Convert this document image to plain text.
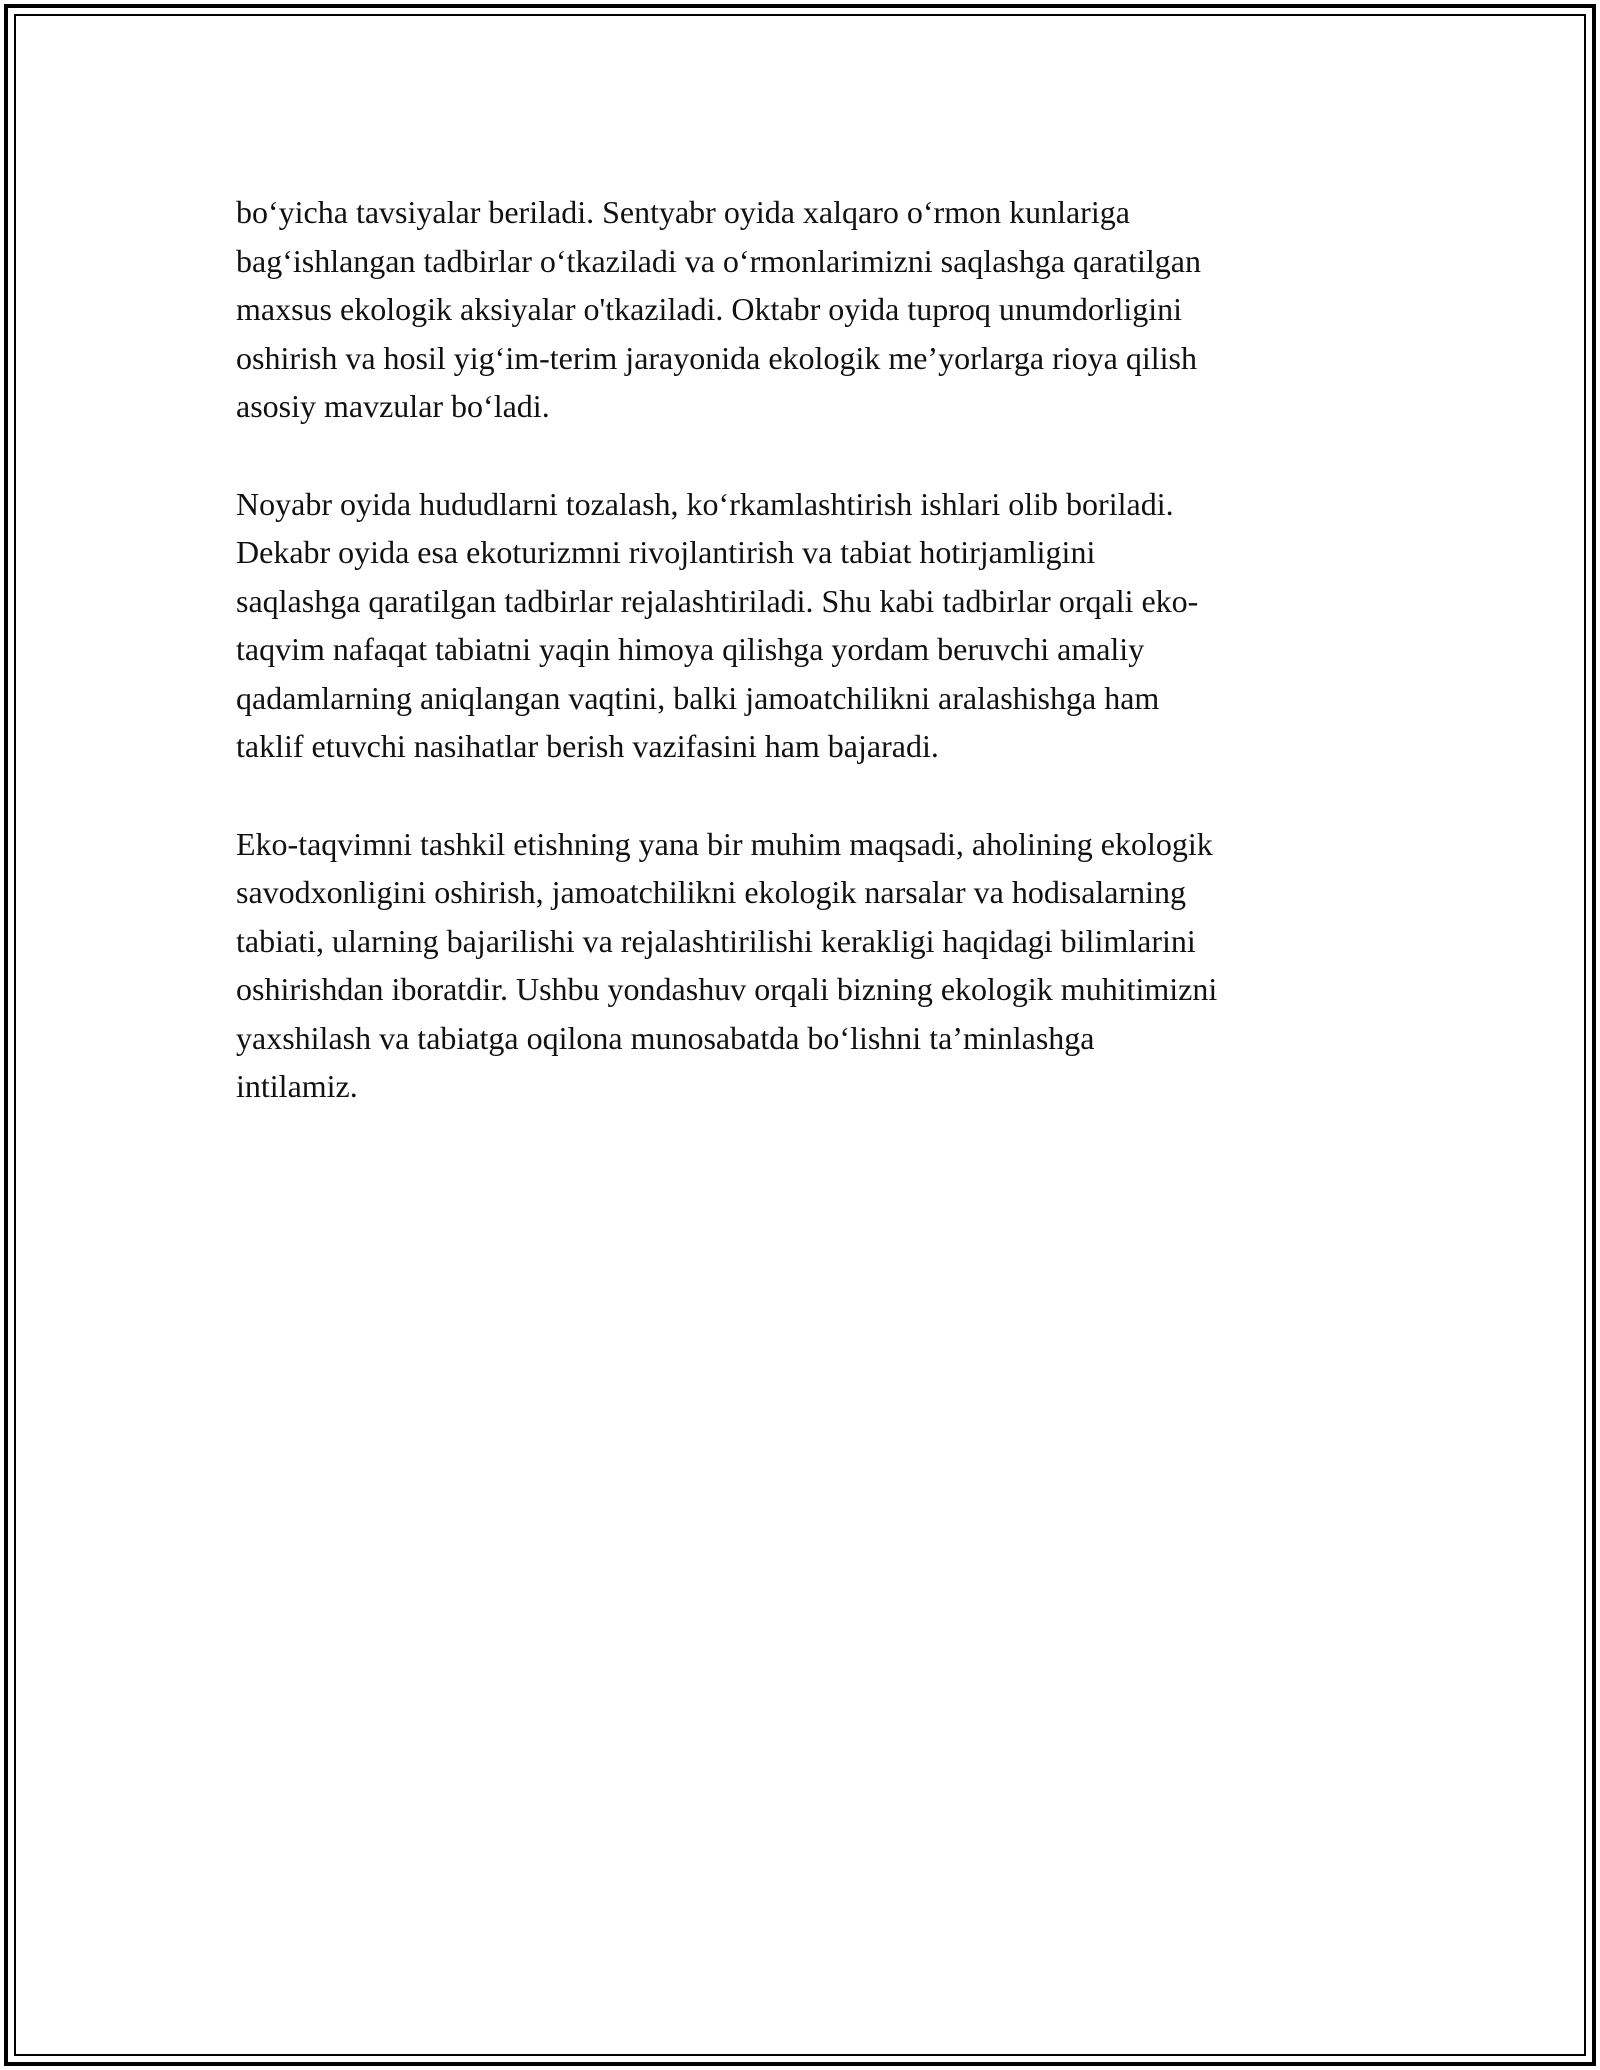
bo‘yicha tavsiyalar beriladi. Sentyabr oyida xalqaro o‘rmon kunlariga
bag‘ishlangan tadbirlar o‘tkaziladi va o‘rmonlarimizni saqlashga qaratilgan
maxsus ekologik aksiyalar o'tkaziladi. Oktabr oyida tuproq unumdorligini
oshirish va hosil yig‘im-terim jarayonida ekologik me’yorlarga rioya qilish
asosiy mavzular bo‘ladi.

Noyabr oyida hududlarni tozalash, ko‘rkamlashtirish ishlari olib boriladi.
Dekabr oyida esa ekoturizmni rivojlantirish va tabiat hotirjamligini
saqlashga qaratilgan tadbirlar rejalashtiriladi. Shu kabi tadbirlar orqali eko-
taqvim nafaqat tabiatni yaqin himoya qilishga yordam beruvchi amaliy
qadamlarning aniqlangan vaqtini, balki jamoatchilikni aralashishga ham
taklif etuvchi nasihatlar berish vazifasini ham bajaradi.

Eko-taqvimni tashkil etishning yana bir muhim maqsadi, aholining ekologik
savodxonligini oshirish, jamoatchilikni ekologik narsalar va hodisalarning
tabiati, ularning bajarilishi va rejalashtirilishi kerakligi haqidagi bilimlarini
oshirishdan iboratdir. Ushbu yondashuv orqali bizning ekologik muhitimizni
yaxshilash va tabiatga oqilona munosabatda bo‘lishni ta’minlashga
intilamiz.
